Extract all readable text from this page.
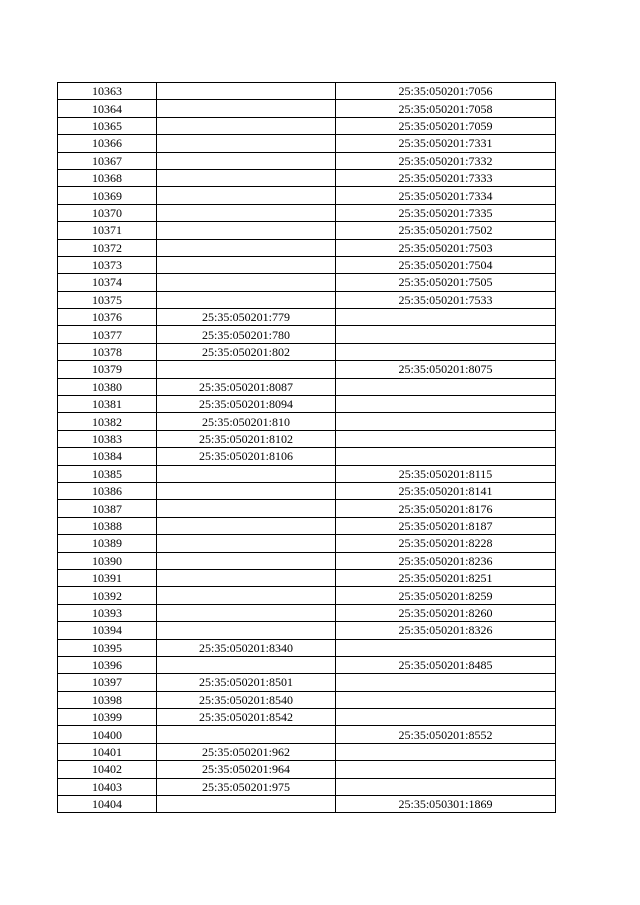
10363		25:35:050201:7056
10364		25:35:050201:7058
10365		25:35:050201:7059
10366		25:35:050201:7331
10367		25:35:050201:7332
10368		25:35:050201:7333
10369		25:35:050201:7334
10370		25:35:050201:7335
10371		25:35:050201:7502
10372		25:35:050201:7503
10373		25:35:050201:7504
10374		25:35:050201:7505
10375		25:35:050201:7533
10376	25:35:050201:779	
10377	25:35:050201:780	
10378	25:35:050201:802	
10379		25:35:050201:8075
10380	25:35:050201:8087	
10381	25:35:050201:8094	
10382	25:35:050201:810	
10383	25:35:050201:8102	
10384	25:35:050201:8106	
10385		25:35:050201:8115
10386		25:35:050201:8141
10387		25:35:050201:8176
10388		25:35:050201:8187
10389		25:35:050201:8228
10390		25:35:050201:8236
10391		25:35:050201:8251
10392		25:35:050201:8259
10393		25:35:050201:8260
10394		25:35:050201:8326
10395	25:35:050201:8340	
10396		25:35:050201:8485
10397	25:35:050201:8501	
10398	25:35:050201:8540	
10399	25:35:050201:8542	
10400		25:35:050201:8552
10401	25:35:050201:962	
10402	25:35:050201:964	
10403	25:35:050201:975	
10404		25:35:050301:1869
